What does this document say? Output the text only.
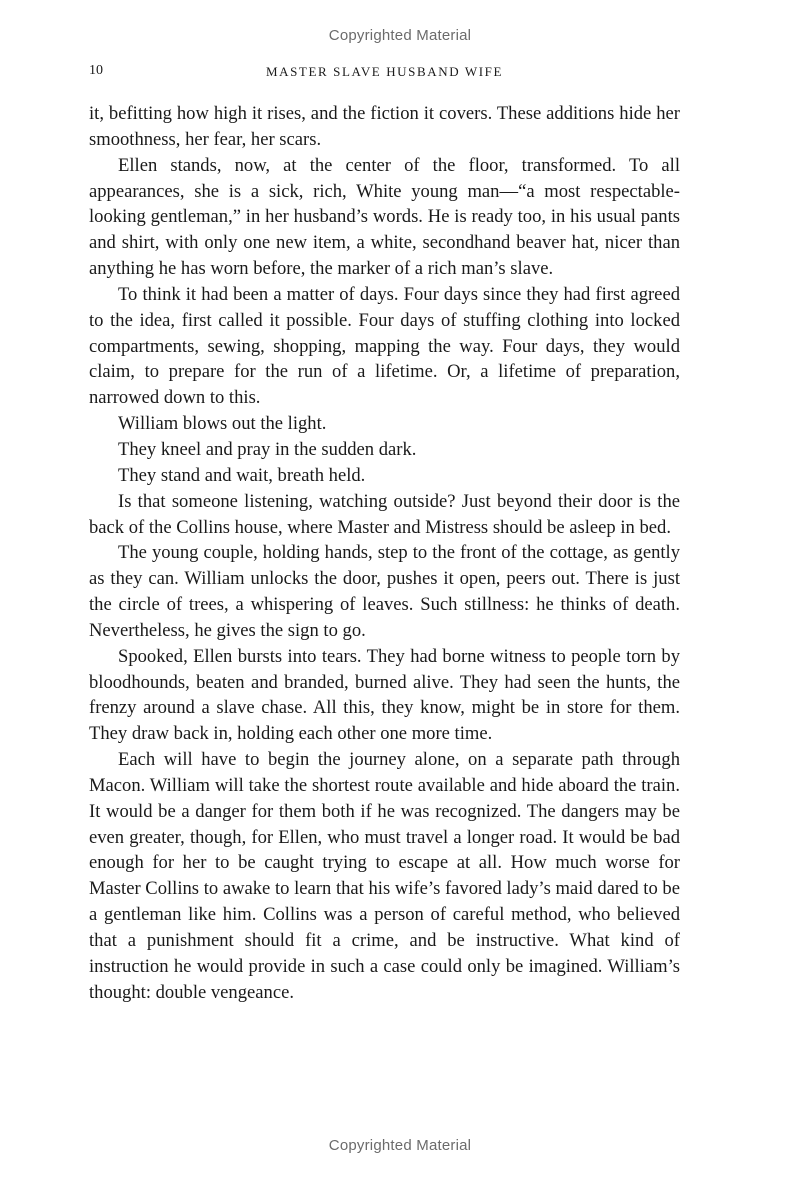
Copyrighted Material
10	MASTER SLAVE HUSBAND WIFE

it, befitting how high it rises, and the fiction it covers. These additions hide her smoothness, her fear, her scars.

Ellen stands, now, at the center of the floor, transformed. To all appearances, she is a sick, rich, White young man—“a most respectable-looking gentleman,” in her husband’s words. He is ready too, in his usual pants and shirt, with only one new item, a white, secondhand beaver hat, nicer than anything he has worn before, the marker of a rich man’s slave.

To think it had been a matter of days. Four days since they had first agreed to the idea, first called it possible. Four days of stuffing clothing into locked compartments, sewing, shopping, mapping the way. Four days, they would claim, to prepare for the run of a lifetime. Or, a lifetime of preparation, narrowed down to this.

William blows out the light.

They kneel and pray in the sudden dark.

They stand and wait, breath held.

Is that someone listening, watching outside? Just beyond their door is the back of the Collins house, where Master and Mistress should be asleep in bed.

The young couple, holding hands, step to the front of the cottage, as gently as they can. William unlocks the door, pushes it open, peers out. There is just the circle of trees, a whispering of leaves. Such stillness: he thinks of death. Nevertheless, he gives the sign to go.

Spooked, Ellen bursts into tears. They had borne witness to people torn by bloodhounds, beaten and branded, burned alive. They had seen the hunts, the frenzy around a slave chase. All this, they know, might be in store for them. They draw back in, holding each other one more time.

Each will have to begin the journey alone, on a separate path through Macon. William will take the shortest route available and hide aboard the train. It would be a danger for them both if he was recognized. The dangers may be even greater, though, for Ellen, who must travel a longer road. It would be bad enough for her to be caught trying to escape at all. How much worse for Master Collins to awake to learn that his wife’s favored lady’s maid dared to be a gentleman like him. Collins was a person of careful method, who believed that a punishment should fit a crime, and be instructive. What kind of instruction he would provide in such a case could only be imagined. William’s thought: double vengeance.

Copyrighted Material
